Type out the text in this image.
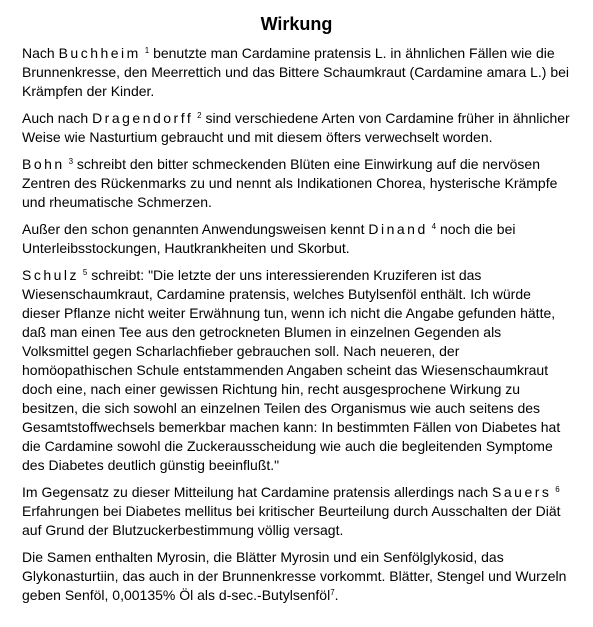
Wirkung

Nach Buchheim $^1$ benutzte man Cardamine pratensis L. in ähnlichen Fällen wie die Brunnenkresse, den Meerrettich und das Bittere Schaumkraut (Cardamine amara L.) bei Krämpfen der Kinder.

Auch nach Dragendorff $^2$ sind verschiedene Arten von Cardamine früher in ähnlicher Weise wie Nasturtium gebraucht und mit diesem öfters verwechselt worden.

Bohn $^3$ schreibt den bitter schmeckenden Blüten eine Einwirkung auf die nervösen Zentren des Rückenmarks zu und nennt als Indikationen Chorea, hysterische Krämpfe und rheumatische Schmerzen.

Außer den schon genannten Anwendungsweisen kennt Dinand $^4$ noch die bei Unterleibsstockungen, Hautkrankheiten und Skorbut.

Schulz $^5$ schreibt: "Die letzte der uns interessierenden Kruziferen ist das Wiesenschaumkraut, Cardamine pratensis, welches Butylsenföl enthält. Ich würde dieser Pflanze nicht weiter Erwähnung tun, wenn ich nicht die Angabe gefunden hätte, daß man einen Tee aus den getrockneten Blumen in einzelnen Gegenden als Volksmittel gegen Scharlachfieber gebrauchen soll. Nach neueren, der homöopathischen Schule entstammenden Angaben scheint das Wiesenschaumkraut doch eine, nach einer gewissen Richtung hin, recht ausgesprochene Wirkung zu besitzen, die sich sowohl an einzelnen Teilen des Organismus wie auch seitens des Gesamtstoffwechsels bemerkbar machen kann: In bestimmten Fällen von Diabetes hat die Cardamine sowohl die Zuckerausscheidung wie auch die begleitenden Symptome des Diabetes deutlich günstig beeinflußt."

Im Gegensatz zu dieser Mitteilung hat Cardamine pratensis allerdings nach Sauers $^6$ Erfahrungen bei Diabetes mellitus bei kritischer Beurteilung durch Ausschalten der Diät auf Grund der Blutzuckerbestimmung völlig versagt.

Die Samen enthalten Myrosin, die Blätter Myrosin und ein Senfölglykosid, das Glykonasturtiin, das auch in der Brunnenkresse vorkommt. Blätter, Stengel und Wurzeln geben Senföl, 0,00135% Öl als d-sec.-Butylsenföl$^7$.
